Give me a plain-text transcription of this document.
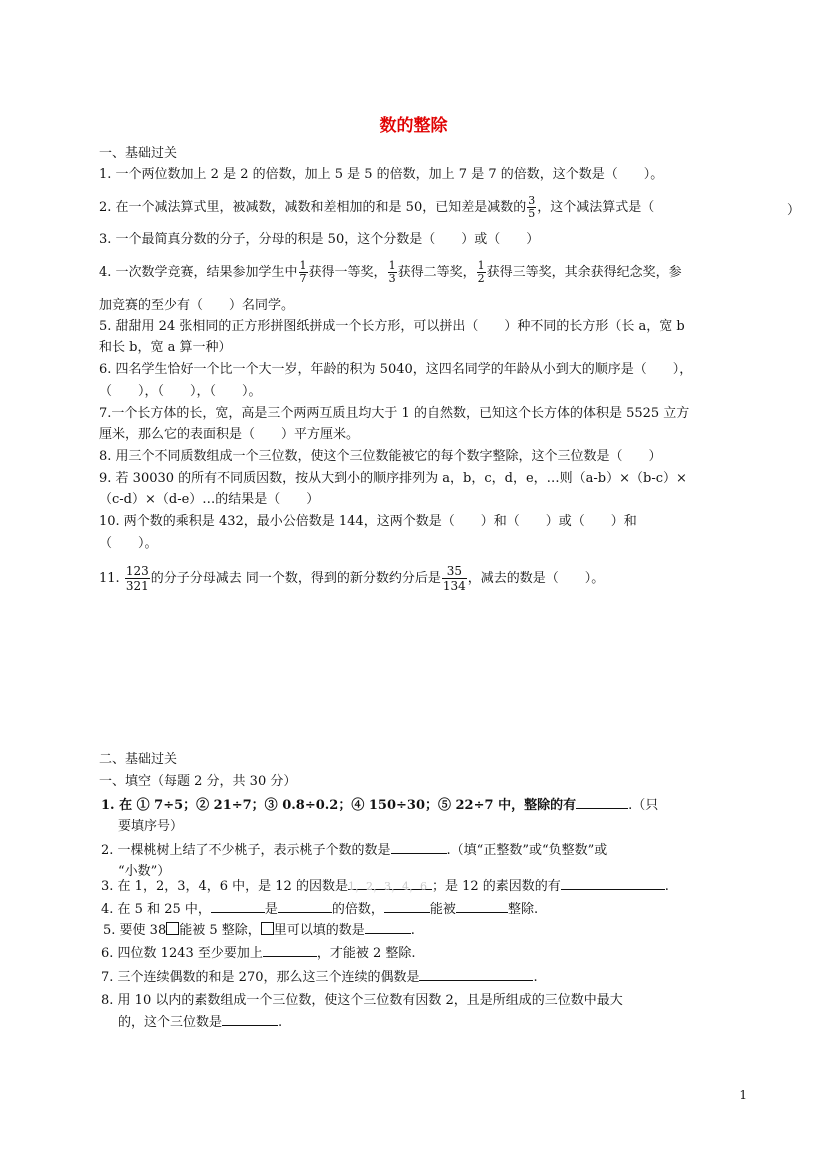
数的整除
一、基础过关
1. 一个两位数加上 2 是 2 的倍数，加上 5 是 5 的倍数，加上 7 是 7 的倍数，这个数是（　　）。
2. 在一个减法算式里，被减数，减数和差相加的和是 50，已知差是减数的 $\frac{3}{5}$ ，这个减法算式是（	）
3. 一个最简真分数的分子，分母的积是 50，这个分数是（　　）或（　　）
4. 一次数学竞赛，结果参加学生中 $\frac{1}{7}$ 获得一等奖， $\frac{1}{3}$ 获得二等奖， $\frac{1}{2}$ 获得三等奖，其余获得纪念奖，参
加竞赛的至少有（　　）名同学。
5. 甜甜用 24 张相同的正方形拼图纸拼成一个长方形，可以拼出（　　）种不同的长方形（长 a，宽 b
和长 b，宽 a 算一种）
6. 四名学生恰好一个比一个大一岁，年龄的积为 5040，这四名同学的年龄从小到大的顺序是（　　），
（　　），（　　），（　　）。
7.一个长方体的长，宽，高是三个两两互质且均大于 1 的自然数，已知这个长方体的体积是 5525 立方
厘米，那么它的表面积是（　　）平方厘米。
8. 用三个不同质数组成一个三位数，使这个三位数能被它的每个数字整除，这个三位数是（　　）
9. 若 30030 的所有不同质因数，按从大到小的顺序排列为 a，b，c，d，e，…则（a-b）×（b-c）×
（c-d）×（d-e）…的结果是（　　）
10. 两个数的乘积是 432，最小公倍数是 144，这两个数是（　　）和（　　）或（　　）和
（　　）。
11. $\frac{123}{321}$ 的分子分母减去 同一个数，得到的新分数约分后是 $\frac{35}{134}$ ，减去的数是（　　）。
二、基础过关
一、填空（每题 2 分，共 30 分）
1. 在 ① 7÷5；② 21÷7；③ 0.8÷0.2；④ 150÷30；⑤ 22÷7 中，整除的有	.（只
要填序号）
2. 一棵桃树上结了不少桃子，表示桃子个数的数是	.（填“正整数”或“负整数”或
“小数”）
3. 在 1，2，3，4，6 中，是 12 的因数是1，2，3，4，6 ；是 12 的素因数的有	.
4. 在 5 和 25 中，	是	的倍数，	能被	整除.
5. 要使 38 能被 5 整除， 里可以填的数是	.
6. 四位数 1243 至少要加上	，才能被 2 整除.
7. 三个连续偶数的和是 270，那么这三个连续的偶数是	.
8. 用 10 以内的素数组成一个三位数，使这个三位数有因数 2，且是所组成的三位数中最大
的，这个三位数是	.
1
